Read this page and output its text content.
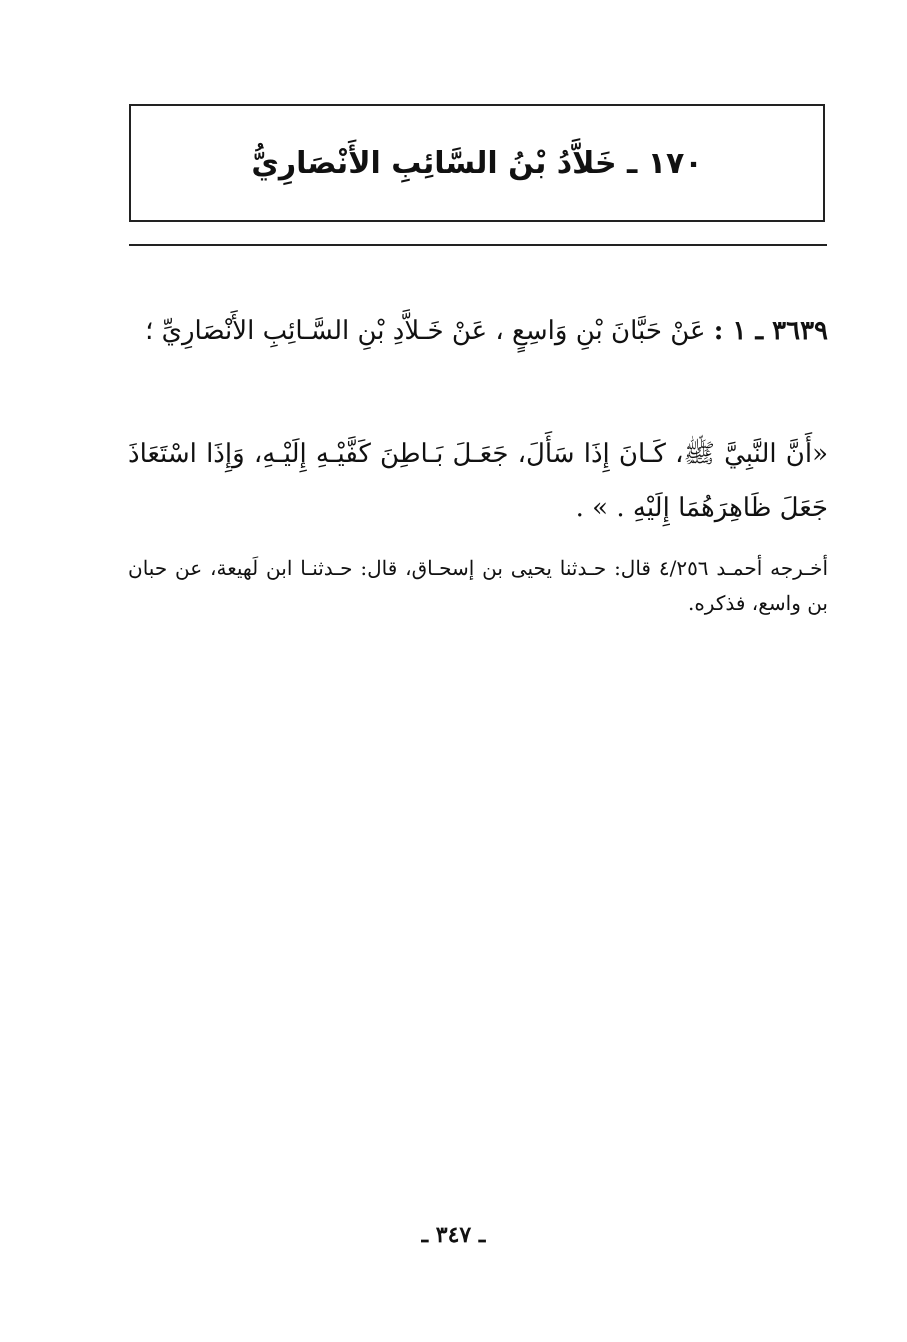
١٧٠ ـ خَلاَّدُ بْنُ السَّائِبِ الأَنْصَارِيُّ
٣٦٣٩ ـ ١ : عَنْ حَبَّانَ بْنِ وَاسِعٍ ، عَنْ خَـلاَّدِ بْنِ السَّـائِبِ الأَنْصَارِيِّ ؛
«أَنَّ النَّبِيَّ ﷺ، كَـانَ إِذَا سَأَلَ، جَعَـلَ بَـاطِنَ كَفَّيْـهِ إِلَيْـهِ، وَإِذَا اسْتَعَاذَ جَعَلَ ظَاهِرَهُمَا إِلَيْهِ . » .
أخـرجه أحمـد ٤/٢٥٦ قال: حـدثنا يحيى بن إسحـاق، قال: حـدثنـا ابن لَهيعة، عن حبان بن واسع، فذكره.
ـ ٣٤٧ ـ
